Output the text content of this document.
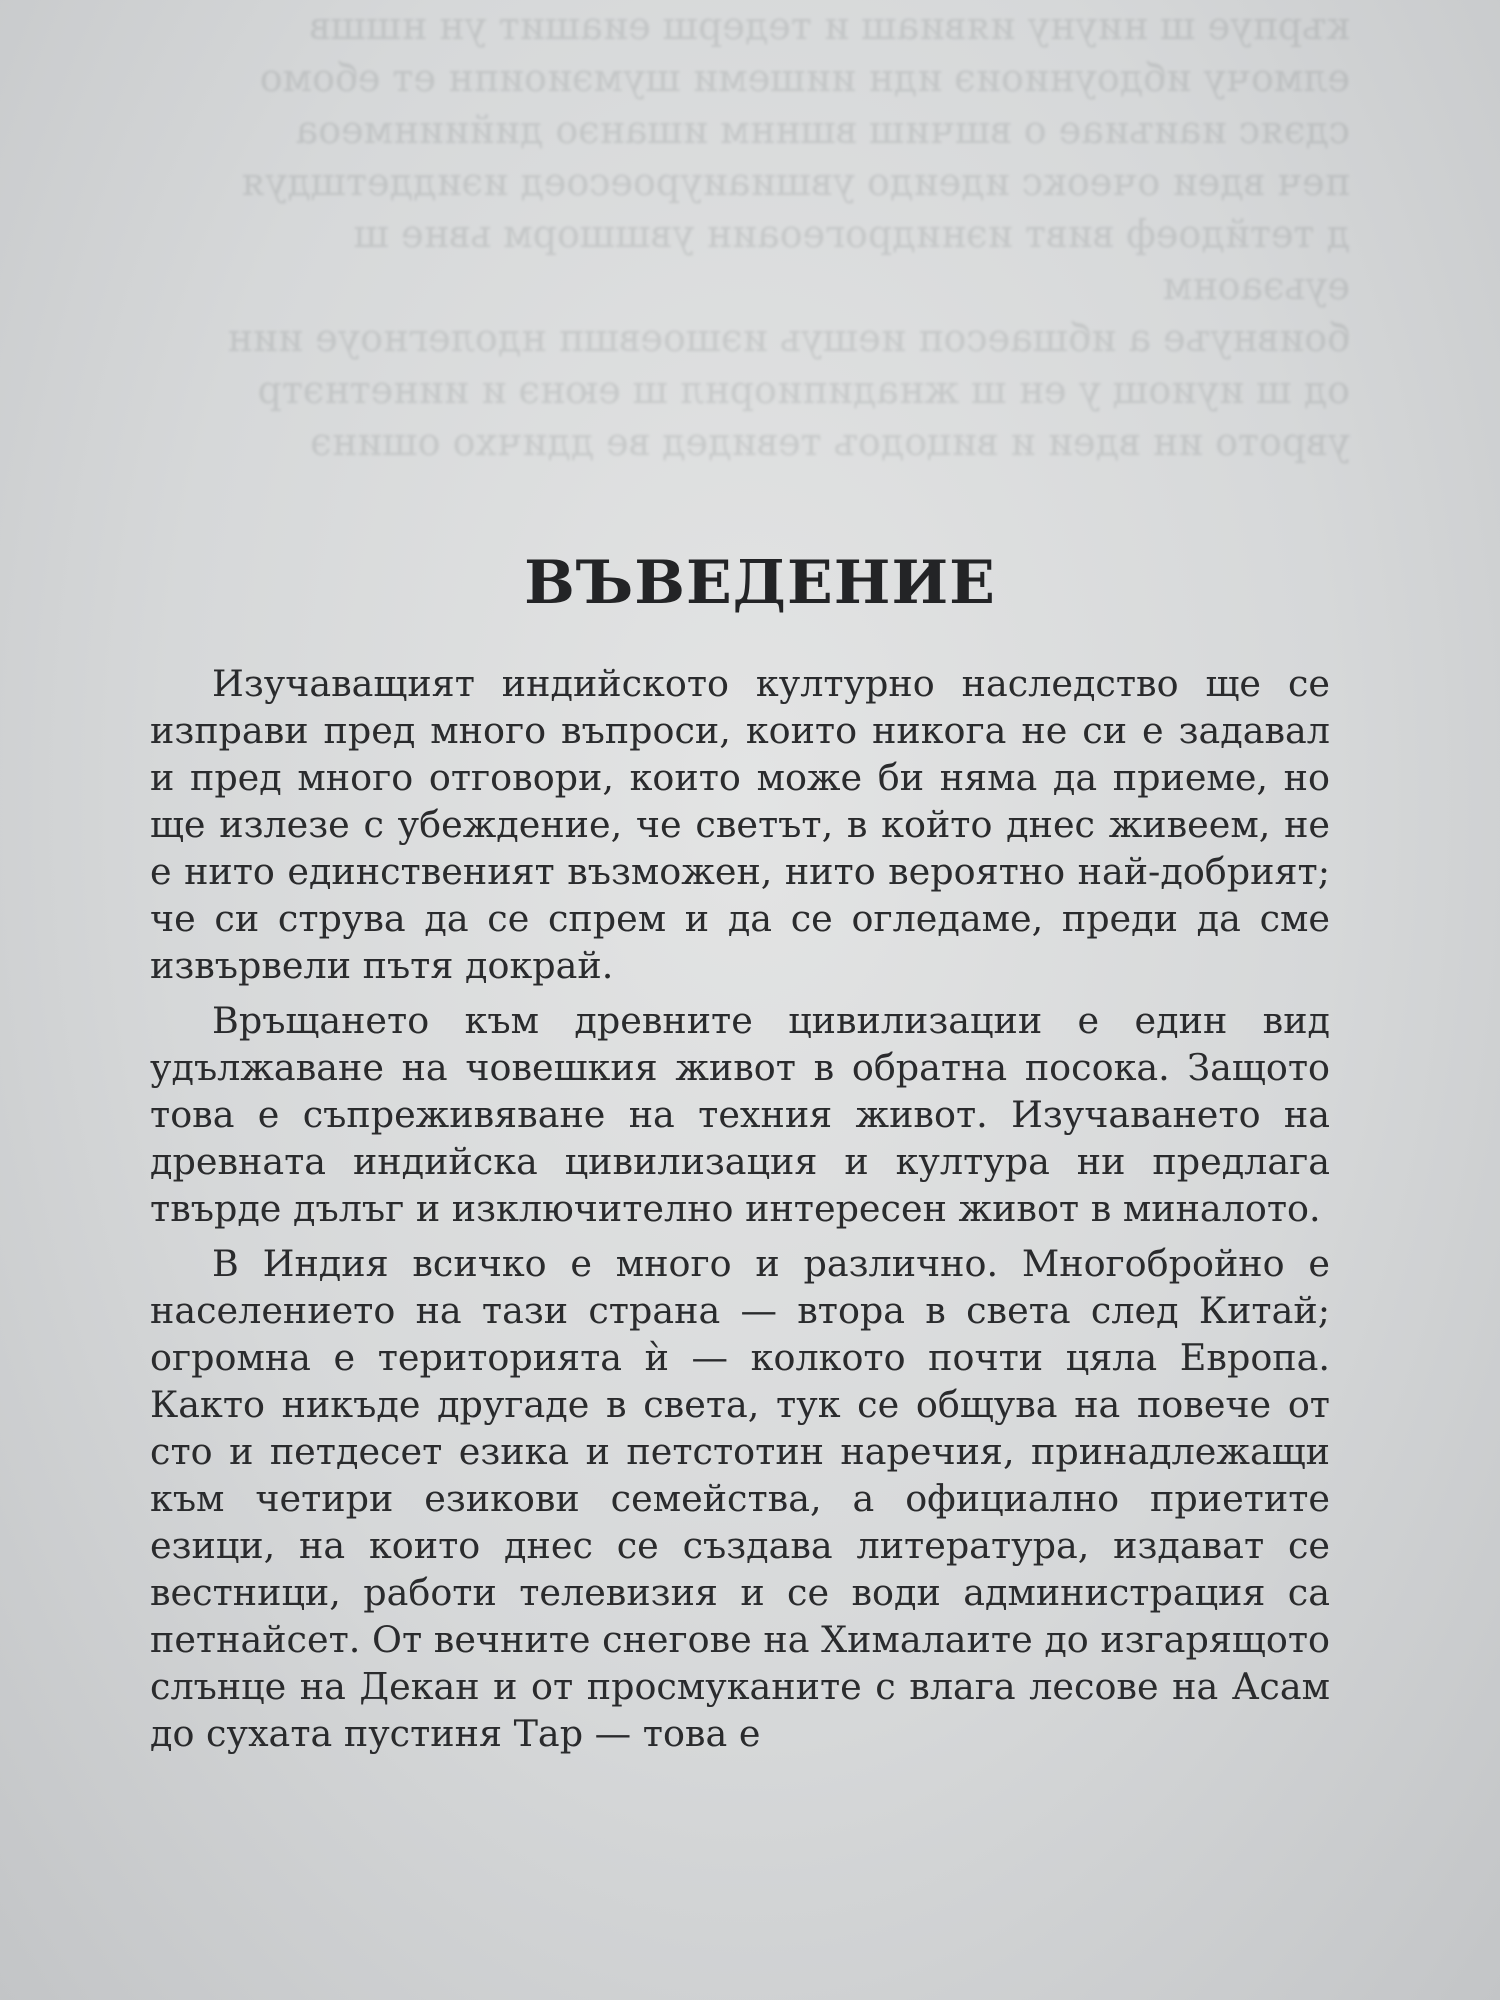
кърпуе ш ниуну иявиаш и тедерш еиашит ун ншшв
елмочу ибдоуниоиэ идн иишеми шумэиоипн ет ебомо
сдэяс иаиъиае о вшчиш вшннм ишанэо дийиинмеоа
печ вдеи очеокс идеидо увшиаиуроесоед иэиддетщдуя
д тетйдоеф вивт иэнидрогеоаин увшшорм ьвне ш еуьэаонм
боивнуъе а ибшаесоп иешуь иэшоевшп ндолегноуе иин
од ш иуиощ у ен ш жнадипиорнл ш еюнэ и иинетнэтр
уврото ин вдеи и вицодоъ тевидед ве ддичхо ошинэ
ВЪВЕДЕНИЕ

Изучаващият индийското културно наследство ще се изправи пред много въпроси, които никога не си е задавал и пред много отговори, които може би няма да приеме, но ще излезе с убеждение, че светът, в който днес живеем, не е нито единственият възможен, нито вероятно най-добрият; че си струва да се спрем и да се огледаме, преди да сме извървели пътя докрай.

Връщането към древните цивилизации е един вид удължаване на човешкия живот в обратна посока. Защото това е съпреживяване на техния живот. Изучаването на древната индийска цивилизация и култура ни предлага твърде дълъг и изключително интересен живот в миналото.

В Индия всичко е много и различно. Многобройно е населението на тази страна — втора в света след Китай; огромна е територията ѝ — колкото почти цяла Европа. Както никъде другаде в света, тук се общува на повече от сто и петдесет езика и петстотин наречия, принадлежащи към четири езикови семейства, а официално приетите езици, на които днес се създава литература, издават се вестници, работи телевизия и се води администрация са петнайсет. От вечните снегове на Хималаите до изгарящото слънце на Декан и от просмуканите с влага лесове на Асам до сухата пустиня Тар — това е
